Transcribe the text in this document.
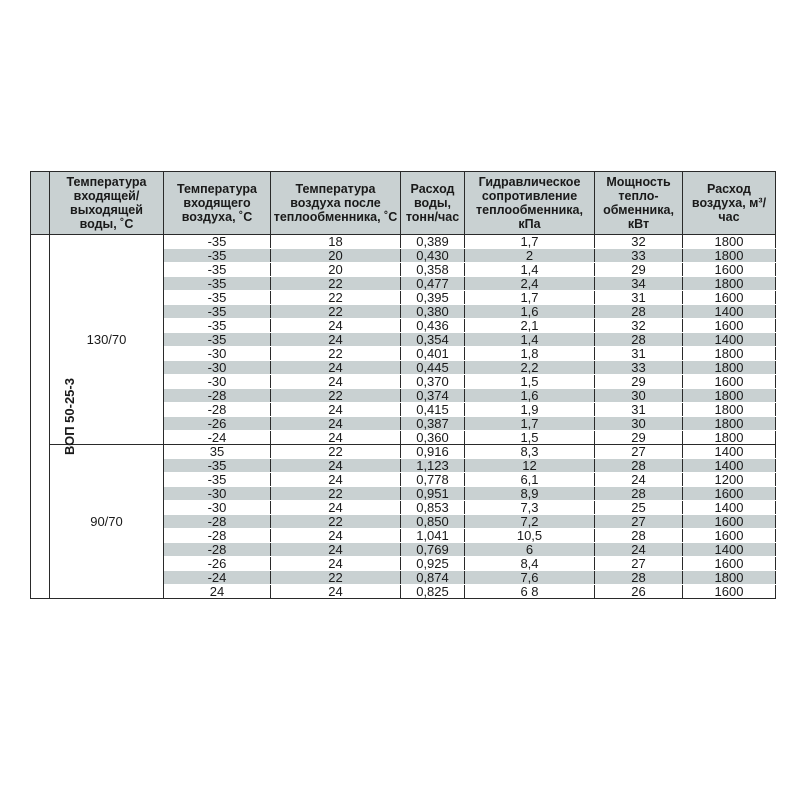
	Температура входящей/ выходящей воды, ˚С	Температура входящего воздуха, ˚С	Температура воздуха после теплообменника, ˚С	Расход воды, тонн/час	Гидравлическое сопротивление теплообменника, кПа	Мощность тепло-обменника, кВт	Расход воздуха, м³/час
ВОП 50-25-3	130/70	-35	18	0,389	1,7	32	1800
		-35	20	0,430	2	33	1800
		-35	20	0,358	1,4	29	1600
		-35	22	0,477	2,4	34	1800
		-35	22	0,395	1,7	31	1600
		-35	22	0,380	1,6	28	1400
		-35	24	0,436	2,1	32	1600
		-35	24	0,354	1,4	28	1400
		-30	22	0,401	1,8	31	1800
		-30	24	0,445	2,2	33	1800
		-30	24	0,370	1,5	29	1600
		-28	22	0,374	1,6	30	1800
		-28	24	0,415	1,9	31	1800
		-26	24	0,387	1,7	30	1800
		-24	24	0,360	1,5	29	1800
	90/70	35	22	0,916	8,3	27	1400
		-35	24	1,123	12	28	1400
		-35	24	0,778	6,1	24	1200
		-30	22	0,951	8,9	28	1600
		-30	24	0,853	7,3	25	1400
		-28	22	0,850	7,2	27	1600
		-28	24	1,041	10,5	28	1600
		-28	24	0,769	6	24	1400
		-26	24	0,925	8,4	27	1600
		-24	22	0,874	7,6	28	1800
		24	24	0,825	6 8	26	1600
